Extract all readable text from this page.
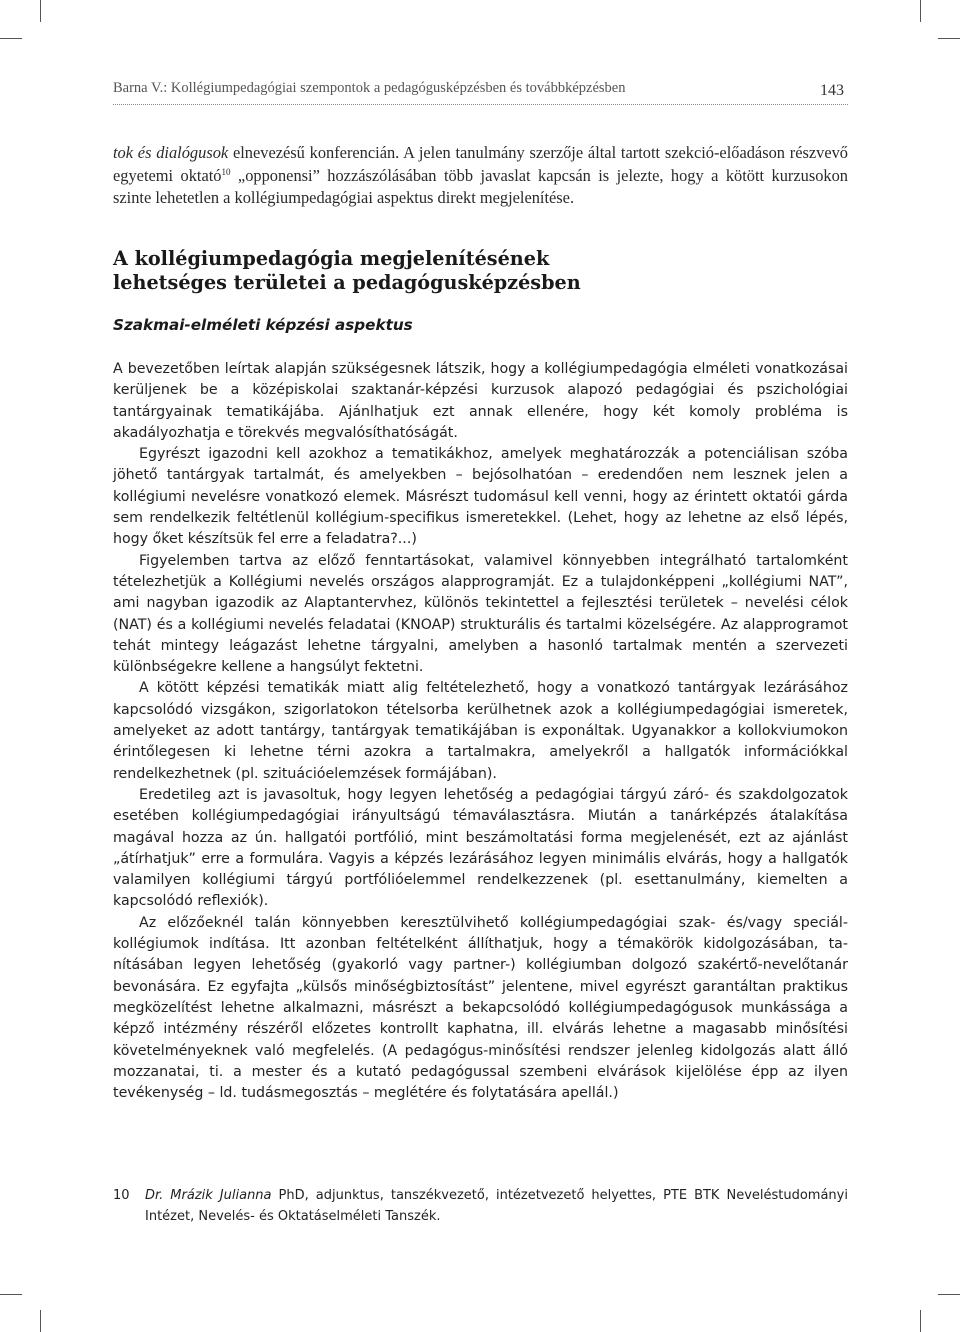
Barna V.: Kollégiumpedagógiai szempontok a pedagógusképzésben és továbbképzésben	143
tok és dialógusok elnevezésű konferencián. A jelen tanulmány szerzője által tartott szekció-előadáson részvevő egyetemi oktató$^{10}$ „opponensi” hozzászólásában több javaslat kapcsán is jelezte, hogy a kötött kurzusokon szinte lehetetlen a kollégiumpedagógiai aspektus direkt megjelenítése.
A kollégiumpedagógia megjelenítésének
lehetséges területei a pedagógusképzésben
Szakmai-elméleti képzési aspektus

A bevezetőben leírtak alapján szükségesnek látszik, hogy a kollégiumpedagógia elméleti vonatkozásai kerüljenek be a középiskolai szaktanár-képzési kurzusok alapozó pedagógiai és pszichológiai tantárgyainak tematikájába. Ajánlhatjuk ezt annak ellenére, hogy két komoly probléma is akadályozhatja e törekvés megvalósíthatóságát.

Egyrészt igazodni kell azokhoz a tematikákhoz, amelyek meghatározzák a potenciálisan szóba jöhető tantárgyak tartalmát, és amelyekben – bejósolhatóan – eredendően nem lesznek jelen a kollégiumi nevelésre vonatkozó elemek. Másrészt tudomásul kell venni, hogy az érintett oktatói gárda sem rendelkezik feltétlenül kollégium-specifikus ismeretekkel. (Lehet, hogy az lehetne az első lépés, hogy őket készítsük fel erre a feladatra?...)

Figyelemben tartva az előző fenntartásokat, valamivel könnyebben integrálható tartalomként tételezhetjük a Kollégiumi nevelés országos alapprogramját. Ez a tulajdonképpeni „kollégiumi NAT”, ami nagyban igazodik az Alaptantervhez, különös tekintettel a fejlesztési területek – nevelési célok (NAT) és a kollégiumi nevelés feladatai (KNOAP) strukturális és tartalmi közelségére. Az alapprogramot tehát mintegy leágazást lehetne tárgyalni, amelyben a hasonló tartalmak mentén a szervezeti különbségekre kellene a hangsúlyt fektetni.

A kötött képzési tematikák miatt alig feltételezhető, hogy a vonatkozó tantárgyak lezárásához kapcsolódó vizsgákon, szigorlatokon tételsorba kerülhetnek azok a kollégiumpedagógiai ismeretek, amelyeket az adott tantárgy, tantárgyak tematikájában is exponáltak. Ugyanakkor a kollokviumokon érintőlegesen ki lehetne térni azokra a tartalmakra, amelyekről a hallgatók információkkal rendelkezhetnek (pl. szituációelemzések formájában).

Eredetileg azt is javasoltuk, hogy legyen lehetőség a pedagógiai tárgyú záró- és szakdolgozatok esetében kollégiumpedagógiai irányultságú témaválasztásra. Miután a tanárképzés átalakítása magával hozza az ún. hallgatói portfólió, mint beszámoltatási forma megjelenését, ezt az ajánlást „átírhatjuk” erre a formulára. Vagyis a képzés lezárásához legyen minimális elvárás, hogy a hallgatók valamilyen kollégiumi tárgyú portfólióelemmel rendelkezzenek (pl. esettanulmány, kiemelten a kapcsolódó reflexiók).

Az előzőeknél talán könnyebben keresztülvihető kollégiumpedagógiai szak- és/vagy speciálkollégiumok indítása. Itt azonban feltételként állíthatjuk, hogy a témakörök kidolgozásában, tanításában legyen lehetőség (gyakorló vagy partner-) kollégiumban dolgozó szakértő-nevelőtanár bevonására. Ez egyfajta „külsős minőségbiztosítást” jelentene, mivel egyrészt garantáltan praktikus megközelítést lehetne alkalmazni, másrészt a bekapcsolódó kollégiumpedagógusok munkássága a képző intézmény részéről előzetes kontrollt kaphatna, ill. elvárás lehetne a magasabb minősítési követelményeknek való megfelelés. (A pedagógus-minősítési rendszer jelenleg kidolgozás alatt álló mozzanatai, ti. a mester és a kutató pedagógussal szembeni elvárások kijelölése épp az ilyen tevékenység – ld. tudásmegosztás – meglétére és folytatására apellál.)

10 Dr. Mrázik Julianna PhD, adjunktus, tanszékvezető, intézetvezető helyettes, PTE BTK Neveléstudományi Intézet, Nevelés- és Oktatáselméleti Tanszék.
